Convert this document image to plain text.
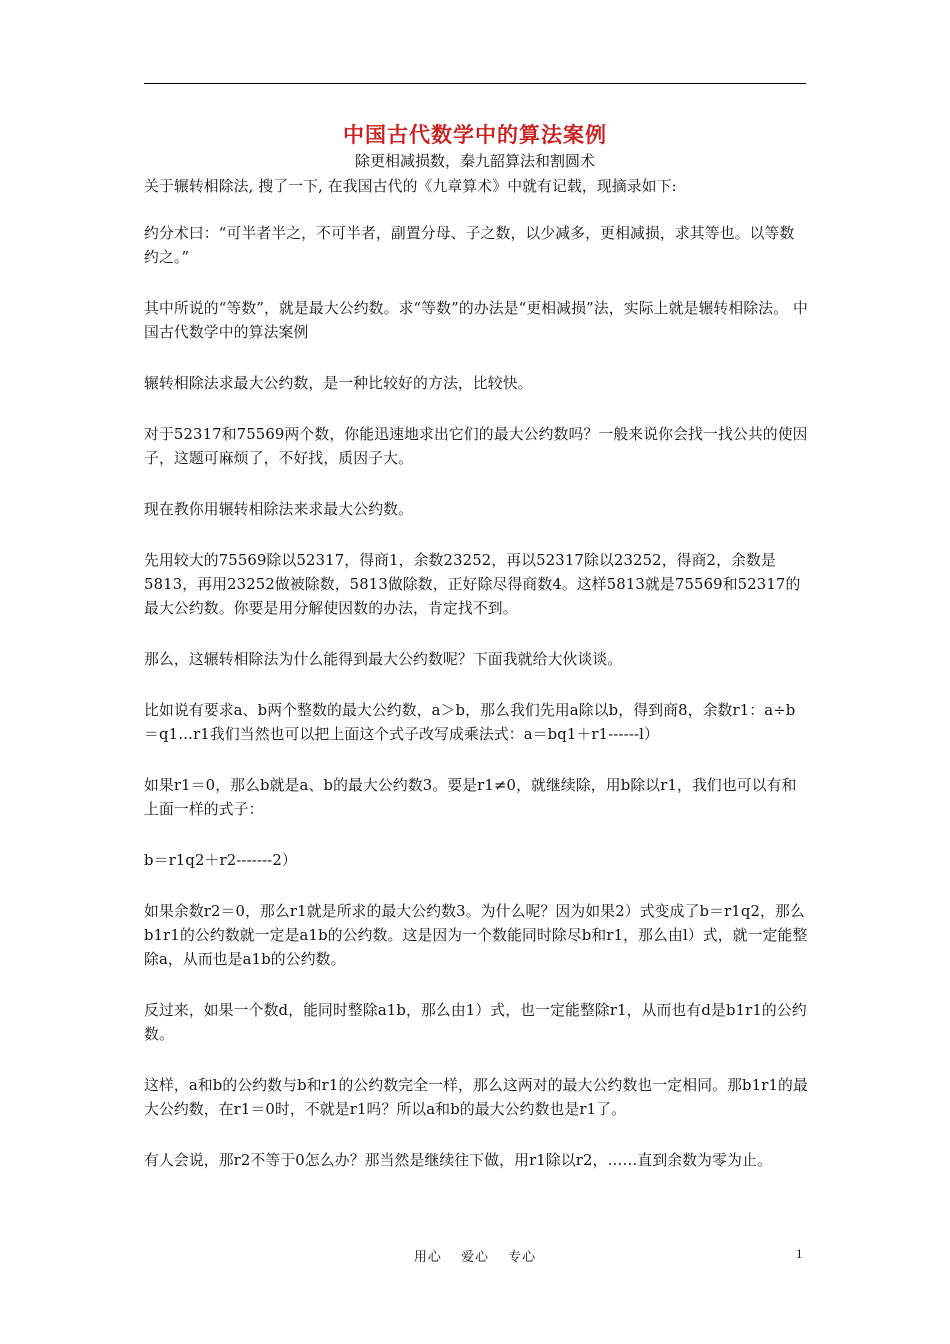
中国古代数学中的算法案例
除更相减损数，秦九韶算法和割圆术

关于辗转相除法, 搜了一下, 在我国古代的《九章算术》中就有记载，现摘录如下:

约分术曰：“可半者半之，不可半者，副置分母、子之数，以少减多，更相减损，求其等也。以等数约之。”

其中所说的“等数”，就是最大公约数。求“等数”的办法是“更相减损”法，实际上就是辗转相除法。 中国古代数学中的算法案例

辗转相除法求最大公约数，是一种比较好的方法，比较快。

对于52317和75569两个数，你能迅速地求出它们的最大公约数吗？一般来说你会找一找公共的使因子，这题可麻烦了，不好找，质因子大。

现在教你用辗转相除法来求最大公约数。

先用较大的75569除以52317，得商1，余数23252，再以52317除以23252，得商2，余数是5813，再用23252做被除数，5813做除数，正好除尽得商数4。这样5813就是75569和52317的最大公约数。你要是用分解使因数的办法，肯定找不到。

那么，这辗转相除法为什么能得到最大公约数呢？下面我就给大伙谈谈。

比如说有要求a、b两个整数的最大公约数，a＞b，那么我们先用a除以b，得到商8，余数r1：a÷b＝q1…r1我们当然也可以把上面这个式子改写成乘法式：a＝bq1＋r1------l）

如果r1＝0，那么b就是a、b的最大公约数3。要是r1≠0，就继续除，用b除以r1，我们也可以有和上面一样的式子：

b＝r1q2＋r2-------2）

如果余数r2＝0，那么r1就是所求的最大公约数3。为什么呢？因为如果2）式变成了b＝r1q2，那么b1r1的公约数就一定是a1b的公约数。这是因为一个数能同时除尽b和r1，那么由l）式，就一定能整除a，从而也是a1b的公约数。

反过来，如果一个数d，能同时整除a1b，那么由1）式，也一定能整除r1，从而也有d是b1r1的公约数。

这样，a和b的公约数与b和r1的公约数完全一样，那么这两对的最大公约数也一定相同。那b1r1的最大公约数，在r1＝0时，不就是r1吗？所以a和b的最大公约数也是r1了。

有人会说，那r2不等于0怎么办？那当然是继续往下做，用r1除以r2，……直到余数为零为止。

用心　 爱心　 专心	1
